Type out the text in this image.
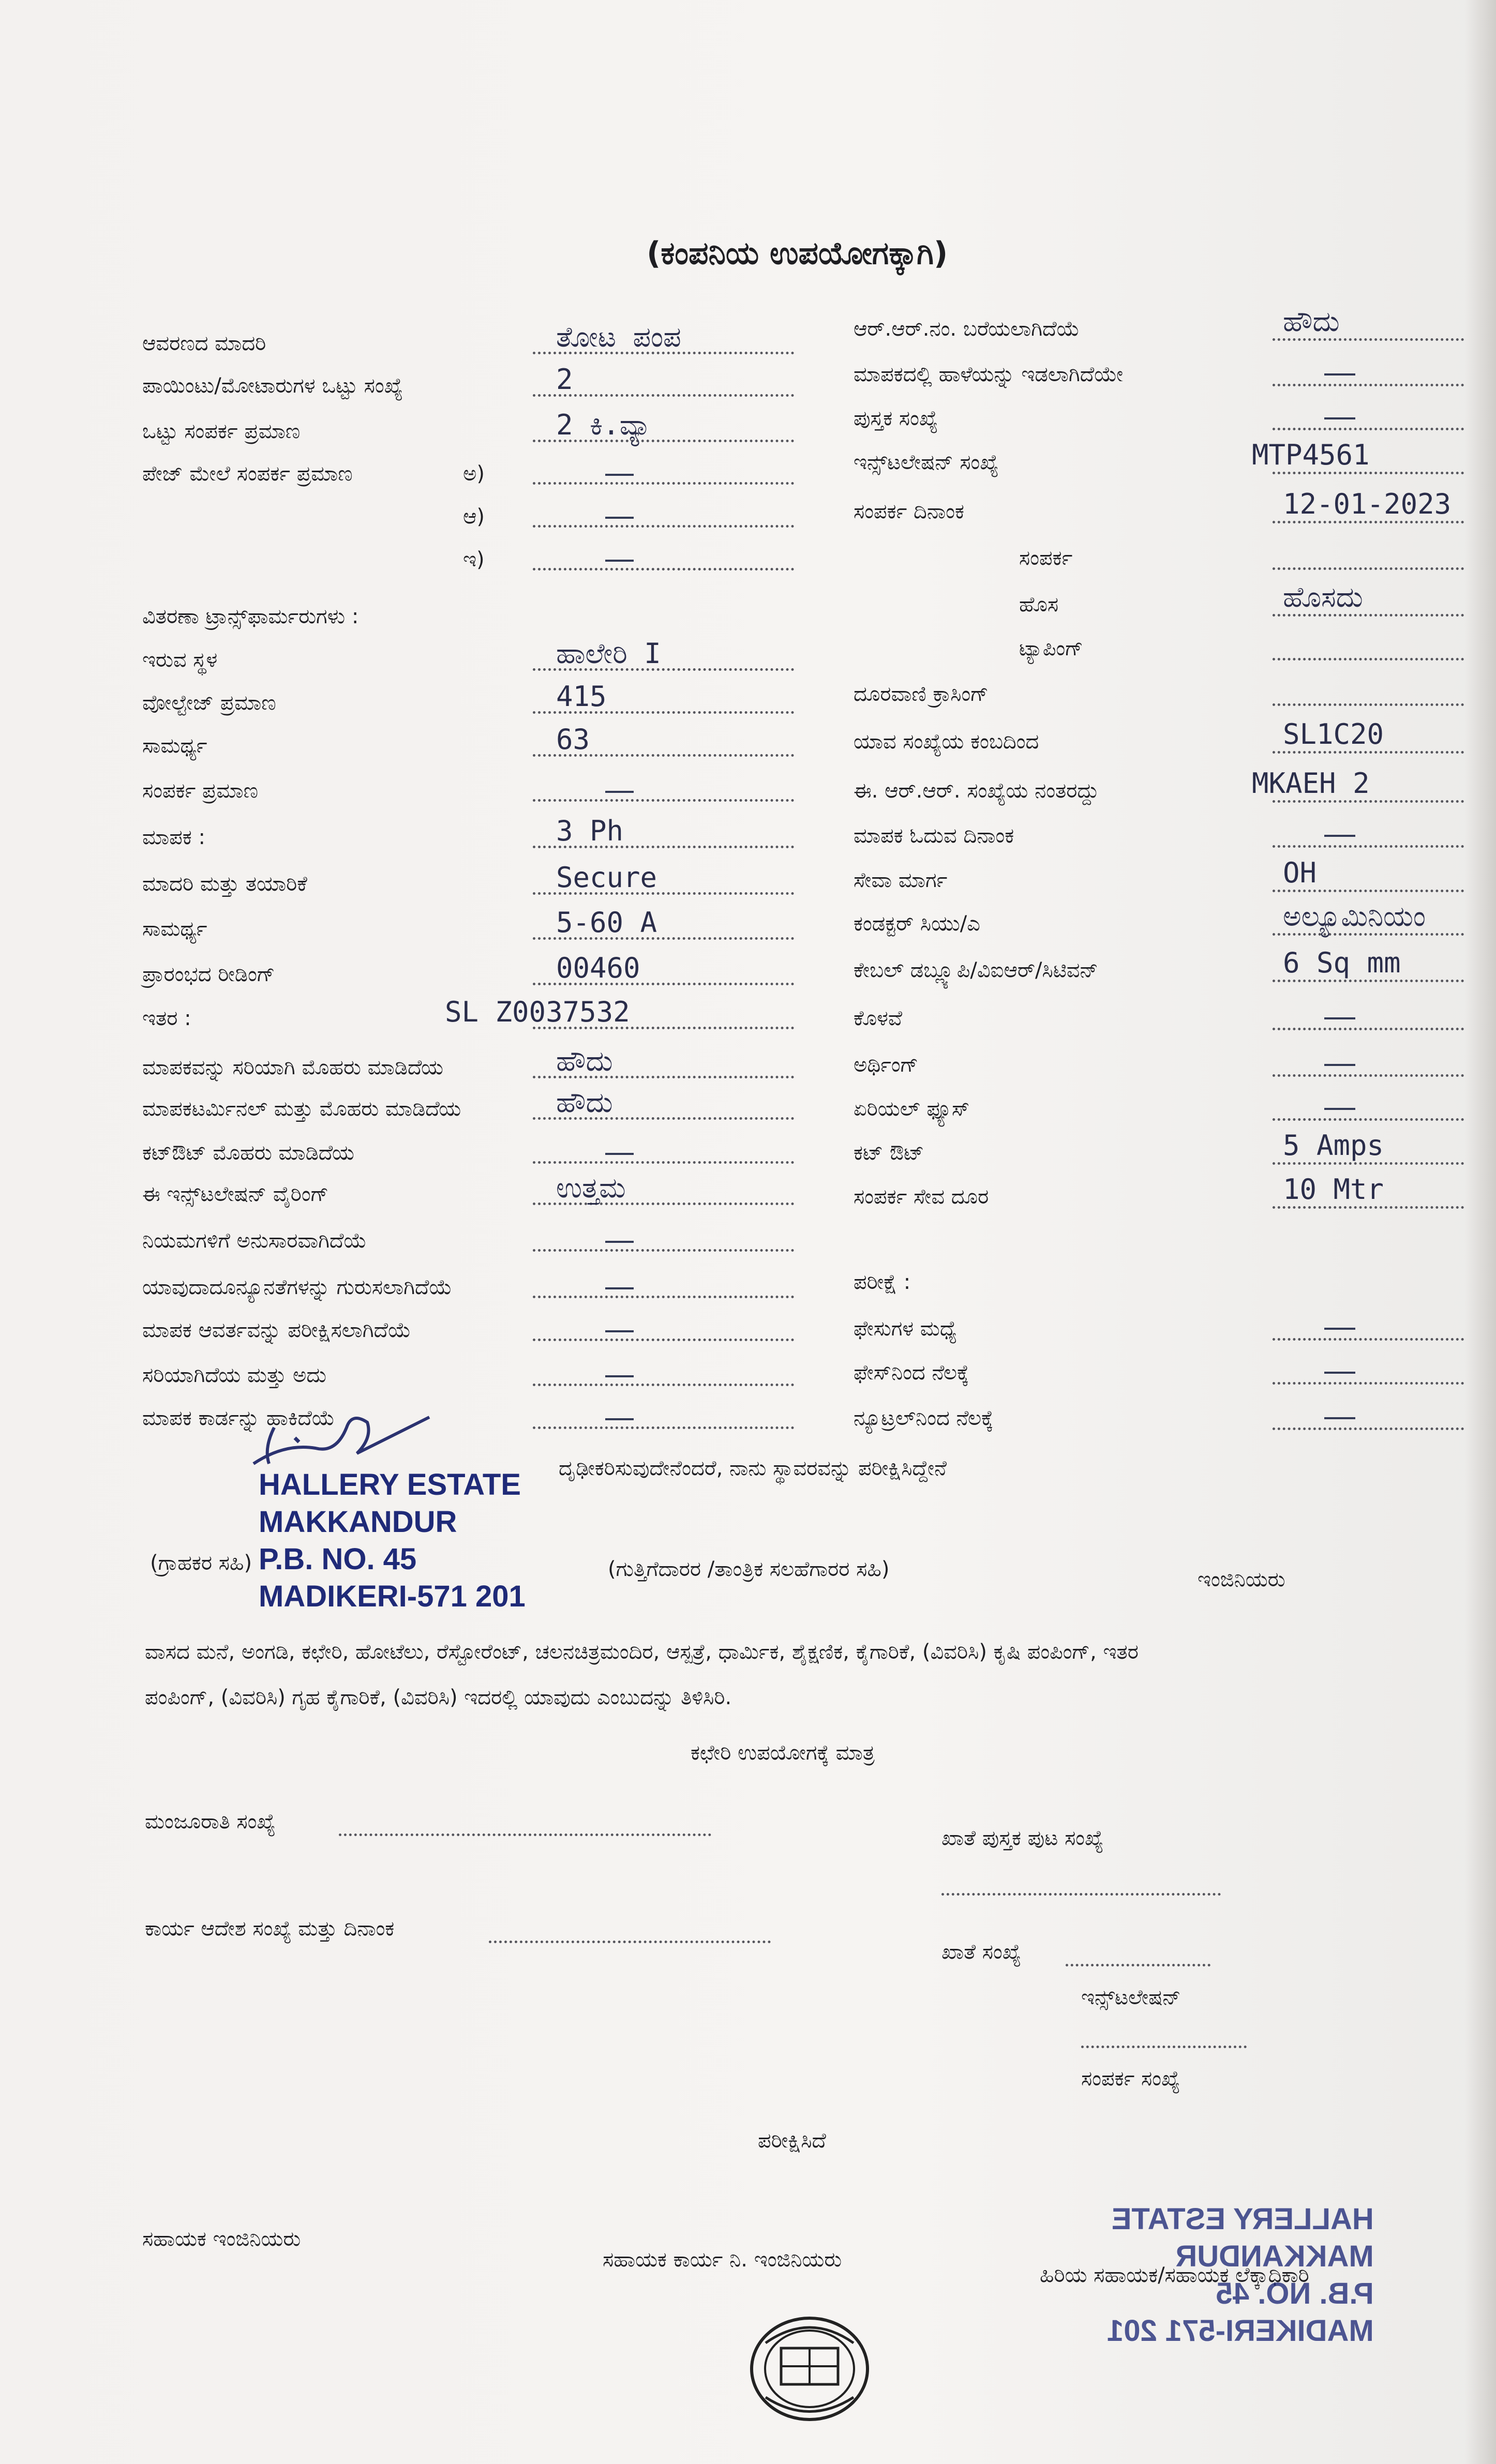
(ಕಂಪನಿಯ ಉಪಯೋಗಕ್ಕಾಗಿ)
ಆವರಣದ ಮಾದರಿ	ತೋಟ ಪಂಪ
ಪಾಯಿಂಟು/ಮೋಟಾರುಗಳ ಒಟ್ಟು ಸಂಖ್ಯೆ	2
ಒಟ್ಟು ಸಂಪರ್ಕ ಪ್ರಮಾಣ	2 ಕಿ.ವ್ಯಾ
ಪೇಜ್ ಮೇಲೆ ಸಂಪರ್ಕ ಪ್ರಮಾಣ	ಅ)
ಆ)
ಇ)
ವಿತರಣಾ ಟ್ರಾನ್ಸ್‌ಫಾರ್ಮರುಗಳು :
ಇರುವ ಸ್ಥಳ	ಹಾಲೇರಿ I
ವೋಲ್ಟೇಜ್ ಪ್ರಮಾಣ	415
ಸಾಮರ್ಥ್ಯ	63
ಸಂಪರ್ಕ ಪ್ರಮಾಣ
ಮಾಪಕ :	3 Ph
ಮಾದರಿ ಮತ್ತು ತಯಾರಿಕೆ	Secure
ಸಾಮರ್ಥ್ಯ	5-60 A
ಪ್ರಾರಂಭದ ರೀಡಿಂಗ್	00460
ಇತರ :	SL Z0037532
ಮಾಪಕವನ್ನು ಸರಿಯಾಗಿ ಮೊಹರು ಮಾಡಿದೆಯ	ಹೌದು
ಮಾಪಕಟರ್ಮಿನಲ್ ಮತ್ತು ಮೊಹರು ಮಾಡಿದೆಯ	ಹೌದು
ಕಟ್‌ಔಟ್ ಮೊಹರು ಮಾಡಿದೆಯ
ಈ ಇನ್ಸ್‌ಟಲೇಷನ್ ವೈರಿಂಗ್	ಉತ್ತಮ
ನಿಯಮಗಳಿಗೆ ಅನುಸಾರವಾಗಿದೆಯೆ
ಯಾವುದಾದೂನ್ಯೂನತೆಗಳನ್ನು ಗುರುಸಲಾಗಿದೆಯೆ
ಮಾಪಕ ಆವರ್ತವನ್ನು ಪರೀಕ್ಷಿಸಲಾಗಿದೆಯೆ
ಸರಿಯಾಗಿದೆಯ ಮತ್ತು ಅದು
ಮಾಪಕ ಕಾರ್ಡನ್ನು ಹಾಕಿದೆಯೆ
ಆರ್.ಆರ್.ನಂ. ಬರೆಯಲಾಗಿದೆಯೆ	ಹೌದು
ಮಾಪಕದಲ್ಲಿ ಹಾಳೆಯನ್ನು ಇಡಲಾಗಿದೆಯೇ
ಪುಸ್ತಕ ಸಂಖ್ಯೆ
ಇನ್ಸ್‌ಟಲೇಷನ್ ಸಂಖ್ಯೆ	MTP4561
ಸಂಪರ್ಕ ದಿನಾಂಕ	12-01-2023
ಸಂಪರ್ಕ
ಹೊಸ	ಹೊಸದು
ಟ್ಯಾಪಿಂಗ್
ದೂರವಾಣಿ ಕ್ರಾಸಿಂಗ್
ಯಾವ ಸಂಖ್ಯೆಯ ಕಂಬದಿಂದ	SL1C20
ಈ. ಆರ್.ಆರ್. ಸಂಖ್ಯೆಯ ನಂತರದ್ದು	MKAEH 2
ಮಾಪಕ ಓದುವ ದಿನಾಂಕ
ಸೇವಾ ಮಾರ್ಗ	OH
ಕಂಡಕ್ಟರ್ ಸಿಯು/ಎ	ಅಲ್ಯೂಮಿನಿಯಂ
ಕೇಬಲ್ ಡಬ್ಲ್ಯೂಪಿ/ವಿಐಆರ್/ಸಿಟಿವನ್	6 Sq mm
ಕೊಳವೆ
ಅರ್ಥಿಂಗ್
ಏರಿಯಲ್ ಫ್ಯೂಸ್
ಕಟ್ ಔಟ್	5 Amps
ಸಂಪರ್ಕ ಸೇವ ದೂರ	10 Mtr
ಪರೀಕ್ಷೆ :
ಫೇಸುಗಳ ಮಧ್ಯೆ
ಫೇಸ್‌ನಿಂದ ನೆಲಕ್ಕೆ
ನ್ಯೂಟ್ರಲ್‌ನಿಂದ ನೆಲಕ್ಕೆ
ದೃಢೀಕರಿಸುವುದೇನೆಂದರೆ, ನಾನು ಸ್ಥಾವರವನ್ನು ಪರೀಕ್ಷಿಸಿದ್ದೇನೆ
HALLERY ESTATE
MAKKANDUR
P.B. NO. 45
MADIKERI-571 201
(ಗ್ರಾಹಕರ ಸಹಿ)	(ಗುತ್ತಿಗೆದಾರರ /ತಾಂತ್ರಿಕ ಸಲಹೆಗಾರರ ಸಹಿ)	ಇಂಜಿನಿಯರು
ವಾಸದ ಮನೆ, ಅಂಗಡಿ, ಕಛೇರಿ, ಹೋಟೆಲು, ರೆಸ್ಟೋರೆಂಟ್, ಚಲನಚಿತ್ರಮಂದಿರ, ಆಸ್ಪತ್ರೆ, ಧಾರ್ಮಿಕ, ಶೈಕ್ಷಣಿಕ, ಕೈಗಾರಿಕೆ, (ವಿವರಿಸಿ) ಕೃಷಿ ಪಂಪಿಂಗ್, ಇತರ
ಪಂಪಿಂಗ್, (ವಿವರಿಸಿ) ಗೃಹ ಕೈಗಾರಿಕೆ, (ವಿವರಿಸಿ) ಇದರಲ್ಲಿ ಯಾವುದು ಎಂಬುದನ್ನು ತಿಳಿಸಿರಿ.
ಕಛೇರಿ ಉಪಯೋಗಕ್ಕೆ ಮಾತ್ರ
ಮಂಜೂರಾತಿ ಸಂಖ್ಯೆ
ಖಾತೆ ಪುಸ್ತಕ ಪುಟ ಸಂಖ್ಯೆ
ಕಾರ್ಯ ಆದೇಶ ಸಂಖ್ಯೆ ಮತ್ತು ದಿನಾಂಕ
ಖಾತೆ ಸಂಖ್ಯೆ
ಇನ್ಸ್‌ಟಲೇಷನ್
ಸಂಪರ್ಕ ಸಂಖ್ಯೆ
ಪರೀಕ್ಷಿಸಿದೆ
ಸಹಾಯಕ ಇಂಜಿನಿಯರು
ಸಹಾಯಕ ಕಾರ್ಯ ನಿ. ಇಂಜಿನಿಯರು
ಹಿರಿಯ ಸಹಾಯಕ/ಸಹಾಯಕ ಲೆಕ್ಕಾಧಿಕಾರಿ
HALLERY ESTATE
MAKKANDUR
P.B. NO. 45
MADIKERI-571 201
